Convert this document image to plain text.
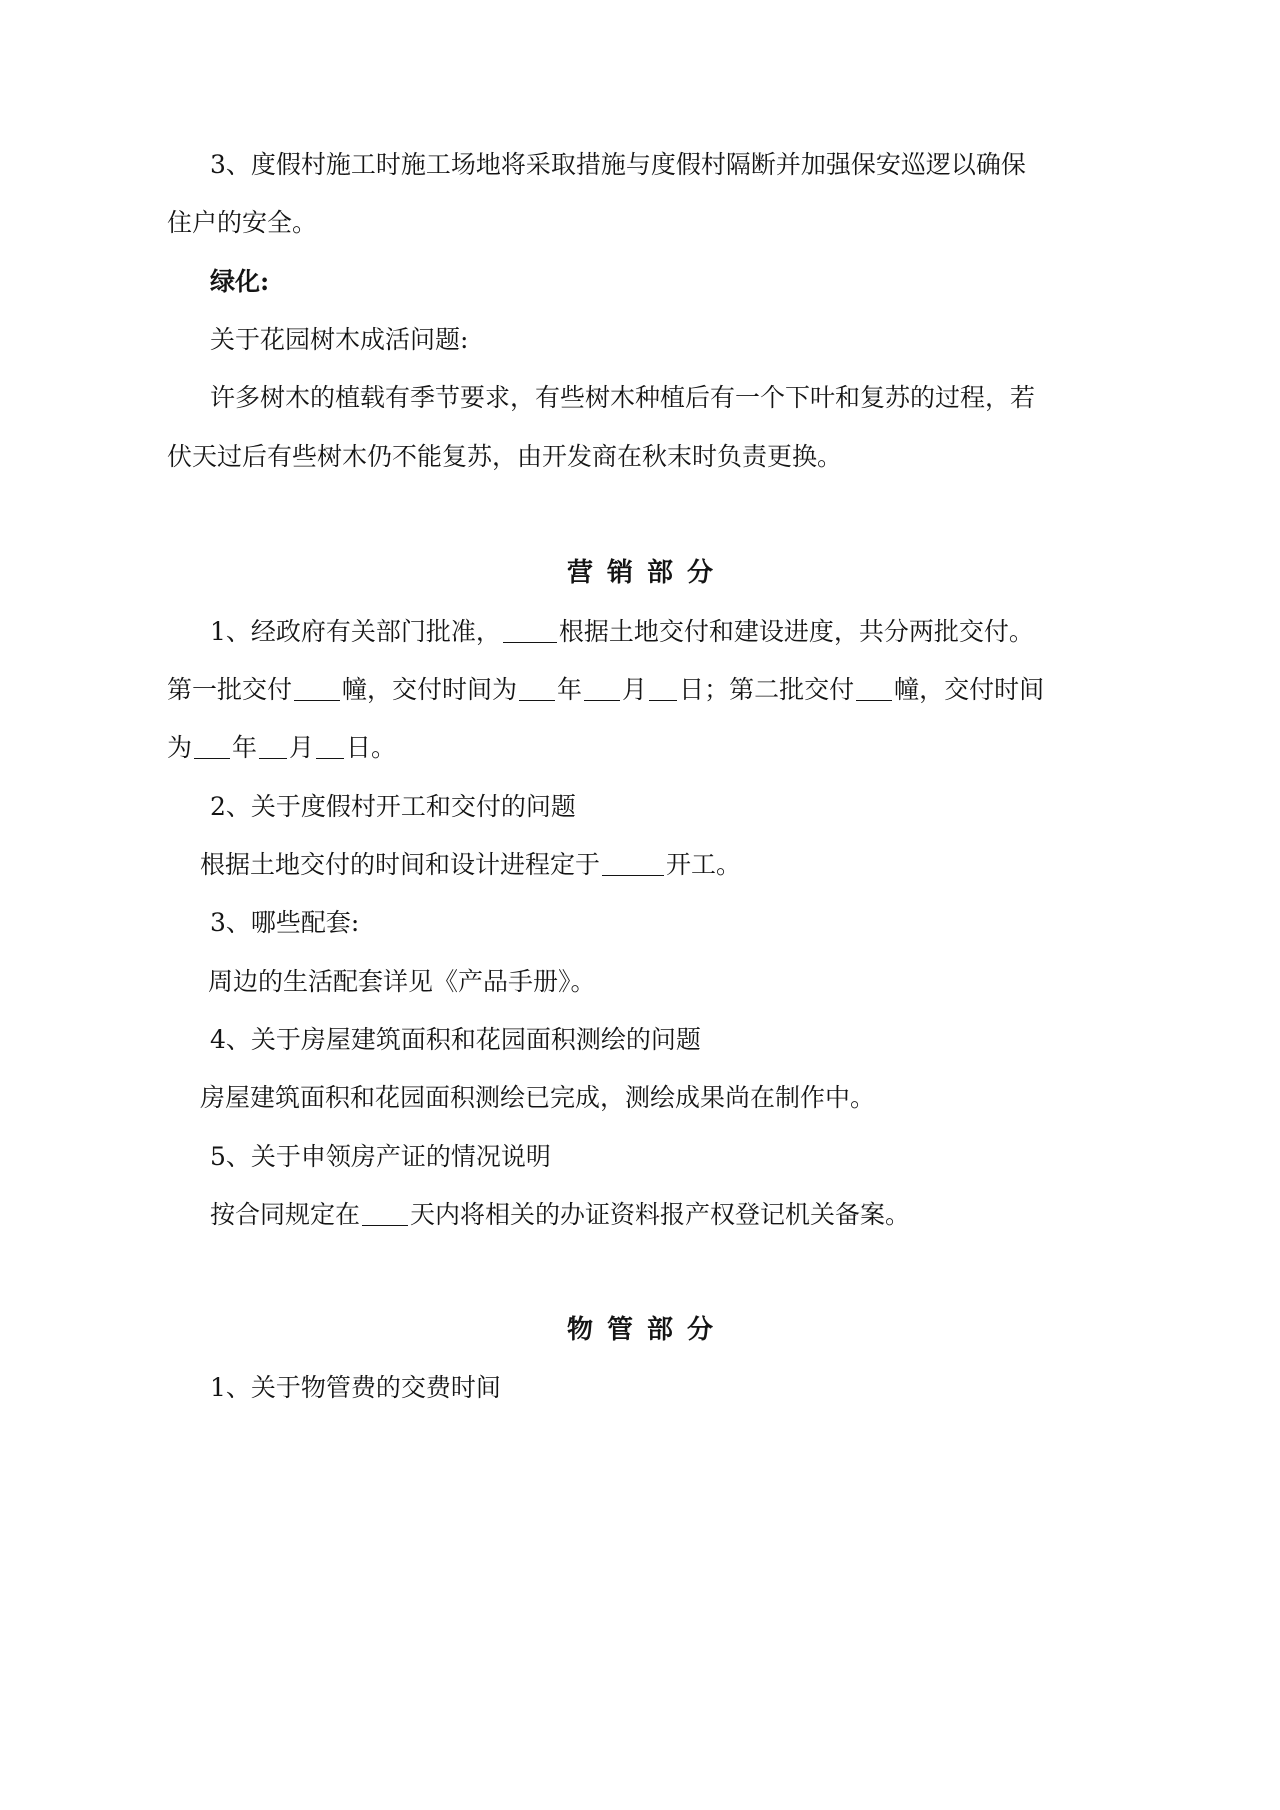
3、度假村施工时施工场地将采取措施与度假村隔断并加强保安巡逻以确保

住户的安全。

绿化:

关于花园树木成活问题:

许多树木的植载有季节要求，有些树木种植后有一个下叶和复苏的过程，若

伏天过后有些树木仍不能复苏，由开发商在秋末时负责更换。

营销部分

1、经政府有关部门批准， 根据土地交付和建设进度，共分两批交付。

第一批交付 幢，交付时间为 年 月 日；第二批交付 幢，交付时间

为 年 月 日。

2、关于度假村开工和交付的问题

根据土地交付的时间和设计进程定于	开工。

3、哪些配套:

周边的生活配套详见《产品手册》。

4、关于房屋建筑面积和花园面积测绘的问题

房屋建筑面积和花园面积测绘已完成，测绘成果尚在制作中。

5、关于申领房产证的情况说明

按合同规定在 天内将相关的办证资料报产权登记机关备案。

物管部分

1、关于物管费的交费时间
